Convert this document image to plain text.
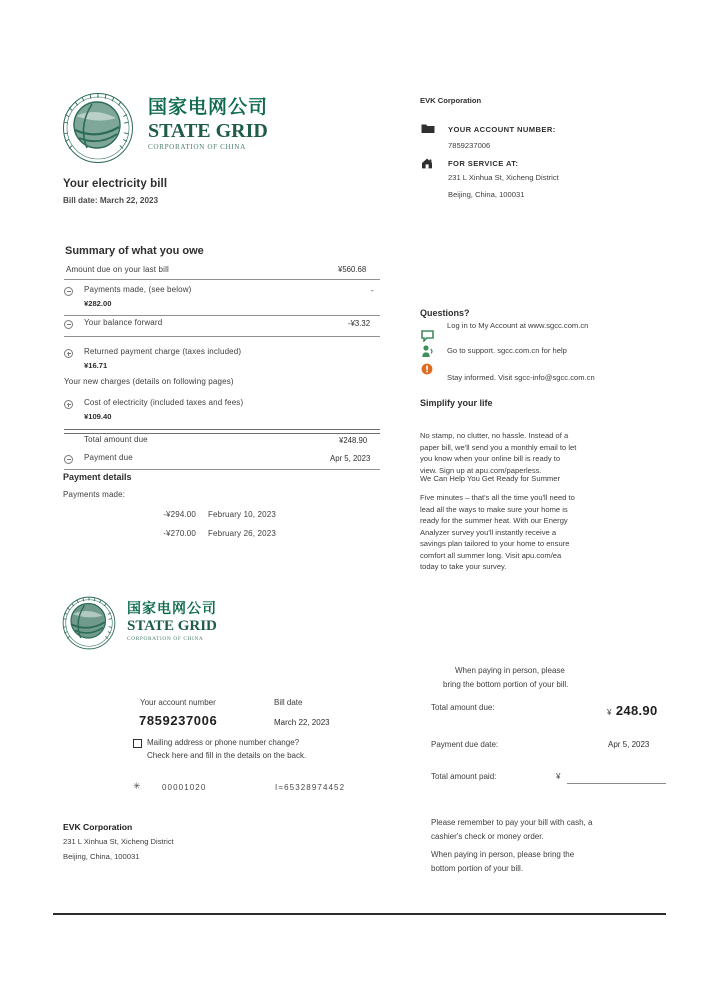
国家电网公司
STATE GRID
CORPORATION OF CHINA
Your electricity bill
Bill date: March 22, 2023
EVK Corporation
YOUR ACCOUNT NUMBER:
7859237006
FOR SERVICE AT:
231 L Xinhua St, Xicheng District
Beijing, China, 100031
Summary of what you owe
Amount due on your last bill	¥560.68
Payments made, (see below)	-
¥282.00
Your balance forward	-¥3.32
Returned payment charge (taxes included)
¥16.71
Your new charges (details on following pages)
Cost of electricity (included taxes and fees)
¥109.40
Total amount due	¥248.90
Payment due	Apr 5, 2023
Payment details
Payments made:
-¥294.00 February 10, 2023
-¥270.00 February 26, 2023
Questions?
Log in to My Account at www.sgcc.com.cn
Go to support. sgcc.com.cn for help
Stay informed. Visit sgcc-info@sgcc.com.cn
Simplify your life
No stamp, no clutter, no hassle. Instead of a paper bill, we'll send you a monthly email to let you know when your online bill is ready to view. Sign up at apu.com/paperless.
We Can Help You Get Ready for Summer
Five minutes – that's all the time you'll need to lead all the ways to make sure your home is ready for the summer heat. With our Energy Analyzer survey you'll instantly receive a savings plan tailored to your home to ensure comfort all summer long. Visit apu.com/ea today to take your survey.
国家电网公司
STATE GRID
CORPORATION OF CHINA
Your account number	Bill date
7859237006	March 22, 2023
Mailing address or phone number change?
Check here and fill in the details on the back.
✳	00001020	I=65328974452
EVK Corporation
231 L Xinhua St, Xicheng District
Beijing, China, 100031
When paying in person, please
bring the bottom portion of your bill.
Total amount due:
¥ 248.90
Payment due date:	Apr 5, 2023
Total amount paid:	¥
Please remember to pay your bill with cash, a
cashier's check or money order.
When paying in person, please bring the
bottom portion of your bill.
